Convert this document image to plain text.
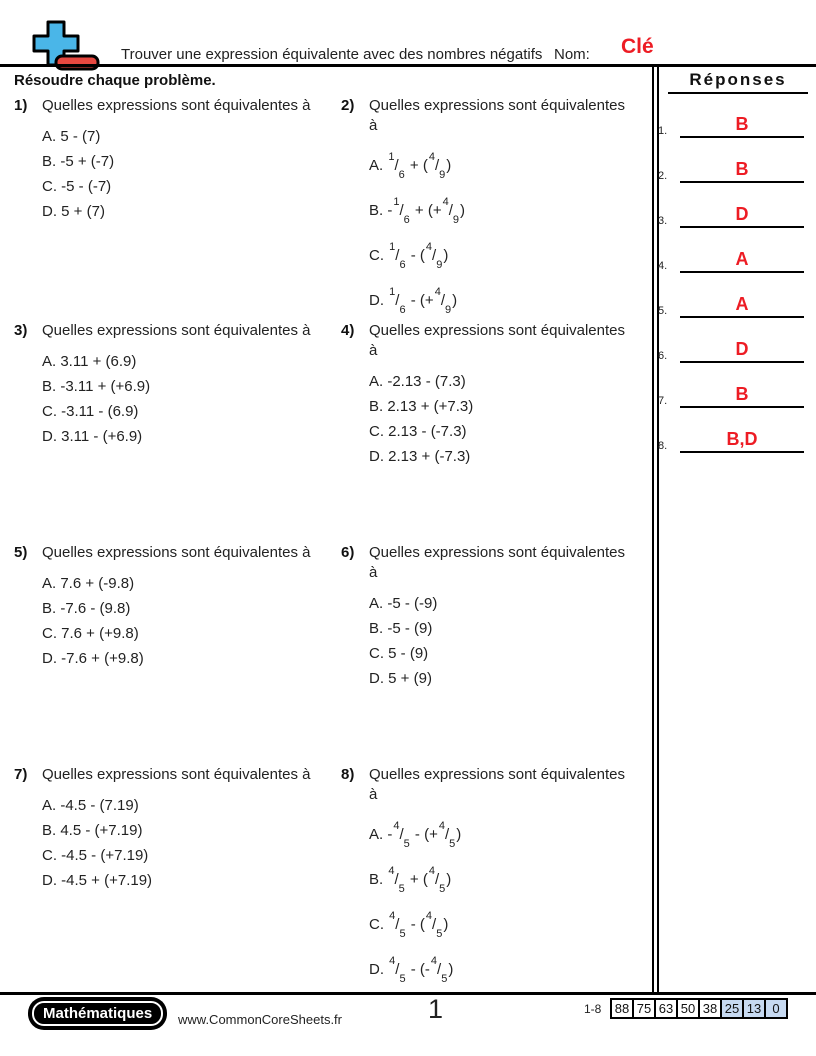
Trouver une expression équivalente avec des nombres négatifs Nom: Clé
Résoudre chaque problème.	Réponses
1.	B
2.	B
3.	D
4.	A
5.	A
6.	D
7.	B
8.	B,D
1) Quelles expressions sont équivalentes à
A. 5 - (7)
B. -5 + (-7)
C. -5 - (-7)
D. 5 + (7)
2) Quelles expressions sont équivalentes
à
A. $^1/_6 + (^4/_9)$
B. $-^1/_6 + (+^4/_9)$
C. $^1/_6 - (^4/_9)$
D. $^1/_6 - (+^4/_9)$
3) Quelles expressions sont équivalentes à
A. 3.11 + (6.9)
B. -3.11 + (+6.9)
C. -3.11 - (6.9)
D. 3.11 - (+6.9)
4) Quelles expressions sont équivalentes
à
A. -2.13 - (7.3)
B. 2.13 + (+7.3)
C. 2.13 - (-7.3)
D. 2.13 + (-7.3)
5) Quelles expressions sont équivalentes à
A. 7.6 + (-9.8)
B. -7.6 - (9.8)
C. 7.6 + (+9.8)
D. -7.6 + (+9.8)
6) Quelles expressions sont équivalentes
à
A. -5 - (-9)
B. -5 - (9)
C. 5 - (9)
D. 5 + (9)
7) Quelles expressions sont équivalentes à
A. -4.5 - (7.19)
B. 4.5 - (+7.19)
C. -4.5 - (+7.19)
D. -4.5 + (+7.19)
8) Quelles expressions sont équivalentes
à
A. $-^4/_5 - (+^4/_5)$
B. $^4/_5 + (^4/_5)$
C. $^4/_5 - (^4/_5)$
D. $^4/_5 - (-^4/_5)$
Mathématiques	www.CommonCoreSheets.fr	1	1-8	88 75 63 50 38 25 13 0
